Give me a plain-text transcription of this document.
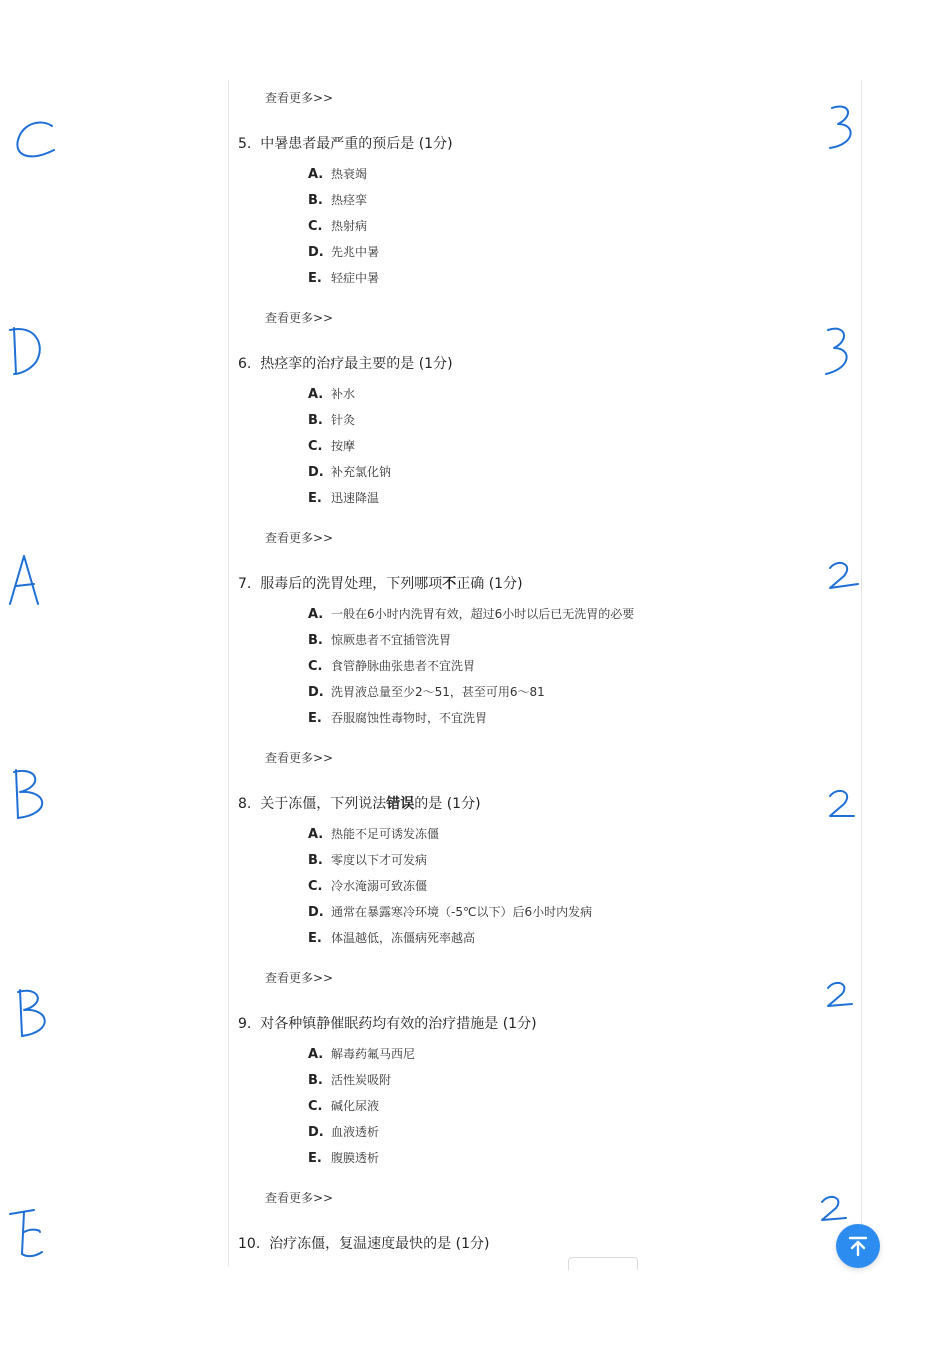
查看更多>>
查看更多>>
查看更多>>
查看更多>>
查看更多>>
查看更多>>
5. 中暑患者最严重的预后是 (1分)
A. 热衰竭
B. 热痉挛
C. 热射病
D. 先兆中暑
E. 轻症中暑
6. 热痉挛的治疗最主要的是 (1分)
A. 补水
B. 针灸
C. 按摩
D. 补充氯化钠
E. 迅速降温
7. 服毒后的洗胃处理，下列哪项不正确 (1分)
A. 一般在6小时内洗胃有效，超过6小时以后已无洗胃的必要
B. 惊厥患者不宜插管洗胃
C. 食管静脉曲张患者不宜洗胃
D. 洗胃液总量至少2～51，甚至可用6～81
E. 吞服腐蚀性毒物时，不宜洗胃
8. 关于冻僵，下列说法错误的是 (1分)
A. 热能不足可诱发冻僵
B. 零度以下才可发病
C. 冷水淹溺可致冻僵
D. 通常在暴露寒冷环境（-5℃以下）后6小时内发病
E. 体温越低，冻僵病死率越高
9. 对各种镇静催眠药均有效的治疗措施是 (1分)
A. 解毒药氟马西尼
B. 活性炭吸附
C. 碱化尿液
D. 血液透析
E. 腹膜透析
10. 治疗冻僵，复温速度最快的是 (1分)
